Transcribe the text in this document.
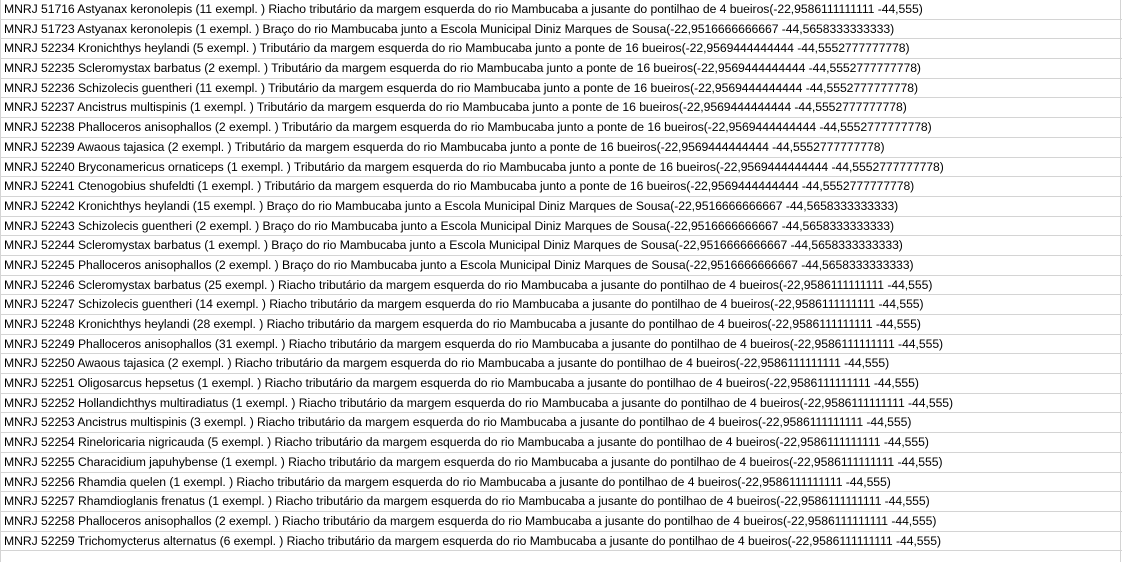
MNRJ 51716 Astyanax keronolepis (11 exempl. ) Riacho tributário da margem esquerda do rio Mambucaba a jusante do pontilhao de 4 bueiros(-22,9586111111111 -44,555)
MNRJ 51723 Astyanax keronolepis (1 exempl. ) Braço do rio Mambucaba junto a Escola Municipal Diniz Marques de Sousa(-22,9516666666667 -44,5658333333333)
MNRJ 52234 Kronichthys heylandi (5 exempl. ) Tributário da margem esquerda do rio Mambucaba junto a ponte de 16 bueiros(-22,9569444444444 -44,5552777777778)
MNRJ 52235 Scleromystax barbatus (2 exempl. ) Tributário da margem esquerda do rio Mambucaba junto a ponte de 16 bueiros(-22,9569444444444 -44,5552777777778)
MNRJ 52236 Schizolecis guentheri (11 exempl. ) Tributário da margem esquerda do rio Mambucaba junto a ponte de 16 bueiros(-22,9569444444444 -44,5552777777778)
MNRJ 52237 Ancistrus multispinis (1 exempl. ) Tributário da margem esquerda do rio Mambucaba junto a ponte de 16 bueiros(-22,9569444444444 -44,5552777777778)
MNRJ 52238 Phalloceros anisophallos (2 exempl. ) Tributário da margem esquerda do rio Mambucaba junto a ponte de 16 bueiros(-22,9569444444444 -44,5552777777778)
MNRJ 52239 Awaous tajasica (2 exempl. ) Tributário da margem esquerda do rio Mambucaba junto a ponte de 16 bueiros(-22,9569444444444 -44,5552777777778)
MNRJ 52240 Bryconamericus ornaticeps (1 exempl. ) Tributário da margem esquerda do rio Mambucaba junto a ponte de 16 bueiros(-22,9569444444444 -44,5552777777778)
MNRJ 52241 Ctenogobius shufeldti (1 exempl. ) Tributário da margem esquerda do rio Mambucaba junto a ponte de 16 bueiros(-22,9569444444444 -44,5552777777778)
MNRJ 52242 Kronichthys heylandi (15 exempl. ) Braço do rio Mambucaba junto a Escola Municipal Diniz Marques de Sousa(-22,9516666666667 -44,5658333333333)
MNRJ 52243 Schizolecis guentheri (2 exempl. ) Braço do rio Mambucaba junto a Escola Municipal Diniz Marques de Sousa(-22,9516666666667 -44,5658333333333)
MNRJ 52244 Scleromystax barbatus (1 exempl. ) Braço do rio Mambucaba junto a Escola Municipal Diniz Marques de Sousa(-22,9516666666667 -44,5658333333333)
MNRJ 52245 Phalloceros anisophallos (2 exempl. ) Braço do rio Mambucaba junto a Escola Municipal Diniz Marques de Sousa(-22,9516666666667 -44,5658333333333)
MNRJ 52246 Scleromystax barbatus (25 exempl. ) Riacho tributário da margem esquerda do rio Mambucaba a jusante do pontilhao de 4 bueiros(-22,9586111111111 -44,555)
MNRJ 52247 Schizolecis guentheri (14 exempl. ) Riacho tributário da margem esquerda do rio Mambucaba a jusante do pontilhao de 4 bueiros(-22,9586111111111 -44,555)
MNRJ 52248 Kronichthys heylandi (28 exempl. ) Riacho tributário da margem esquerda do rio Mambucaba a jusante do pontilhao de 4 bueiros(-22,9586111111111 -44,555)
MNRJ 52249 Phalloceros anisophallos (31 exempl. ) Riacho tributário da margem esquerda do rio Mambucaba a jusante do pontilhao de 4 bueiros(-22,9586111111111 -44,555)
MNRJ 52250 Awaous tajasica (2 exempl. ) Riacho tributário da margem esquerda do rio Mambucaba a jusante do pontilhao de 4 bueiros(-22,9586111111111 -44,555)
MNRJ 52251 Oligosarcus hepsetus (1 exempl. ) Riacho tributário da margem esquerda do rio Mambucaba a jusante do pontilhao de 4 bueiros(-22,9586111111111 -44,555)
MNRJ 52252 Hollandichthys multiradiatus (1 exempl. ) Riacho tributário da margem esquerda do rio Mambucaba a jusante do pontilhao de 4 bueiros(-22,9586111111111 -44,555)
MNRJ 52253 Ancistrus multispinis (3 exempl. ) Riacho tributário da margem esquerda do rio Mambucaba a jusante do pontilhao de 4 bueiros(-22,9586111111111 -44,555)
MNRJ 52254 Rineloricaria nigricauda (5 exempl. ) Riacho tributário da margem esquerda do rio Mambucaba a jusante do pontilhao de 4 bueiros(-22,9586111111111 -44,555)
MNRJ 52255 Characidium japuhybense (1 exempl. ) Riacho tributário da margem esquerda do rio Mambucaba a jusante do pontilhao de 4 bueiros(-22,9586111111111 -44,555)
MNRJ 52256 Rhamdia quelen (1 exempl. ) Riacho tributário da margem esquerda do rio Mambucaba a jusante do pontilhao de 4 bueiros(-22,9586111111111 -44,555)
MNRJ 52257 Rhamdioglanis frenatus (1 exempl. ) Riacho tributário da margem esquerda do rio Mambucaba a jusante do pontilhao de 4 bueiros(-22,9586111111111 -44,555)
MNRJ 52258 Phalloceros anisophallos (2 exempl. ) Riacho tributário da margem esquerda do rio Mambucaba a jusante do pontilhao de 4 bueiros(-22,9586111111111 -44,555)
MNRJ 52259 Trichomycterus alternatus (6 exempl. ) Riacho tributário da margem esquerda do rio Mambucaba a jusante do pontilhao de 4 bueiros(-22,9586111111111 -44,555)
